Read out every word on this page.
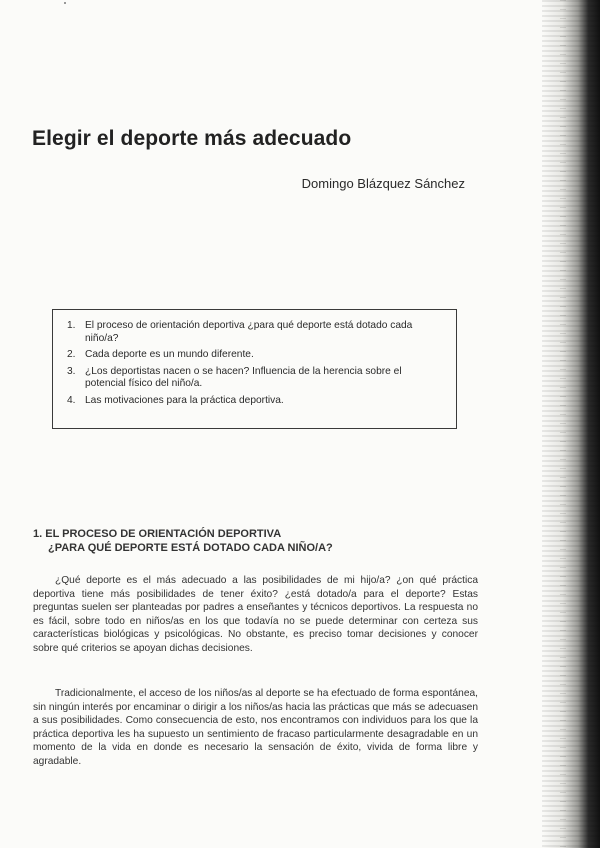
Elegir el deporte más adecuado
Domingo Blázquez Sánchez
1. El proceso de orientación deportiva ¿para qué deporte está dotado cada niño/a?
2. Cada deporte es un mundo diferente.
3. ¿Los deportistas nacen o se hacen? Influencia de la herencia sobre el potencial físico del niño/a.
4. Las motivaciones para la práctica deportiva.
1. EL PROCESO DE ORIENTACIÓN DEPORTIVA
¿PARA QUÉ DEPORTE ESTÁ DOTADO CADA NIÑO/A?

¿Qué deporte es el más adecuado a las posibilidades de mi hijo/a? ¿on qué práctica deportiva tiene más posibilidades de tener éxito? ¿está dotado/a para el deporte? Estas preguntas suelen ser planteadas por padres a enseñantes y técnicos deportivos. La respuesta no es fácil, sobre todo en niños/as en los que todavía no se puede determinar con certeza sus características biológicas y psicológicas. No obstante, es preciso tomar decisiones y conocer sobre qué criterios se apoyan dichas decisiones.

Tradicionalmente, el acceso de los niños/as al deporte se ha efectuado de forma espontánea, sin ningún interés por encaminar o dirigir a los niños/as hacia las prácticas que más se adecuasen a sus posibilidades. Como consecuencia de esto, nos encontramos con individuos para los que la práctica deportiva les ha supuesto un sentimiento de fracaso particularmente desagradable en un momento de la vida en donde es necesario la sensación de éxito, vivida de forma libre y agradable.
